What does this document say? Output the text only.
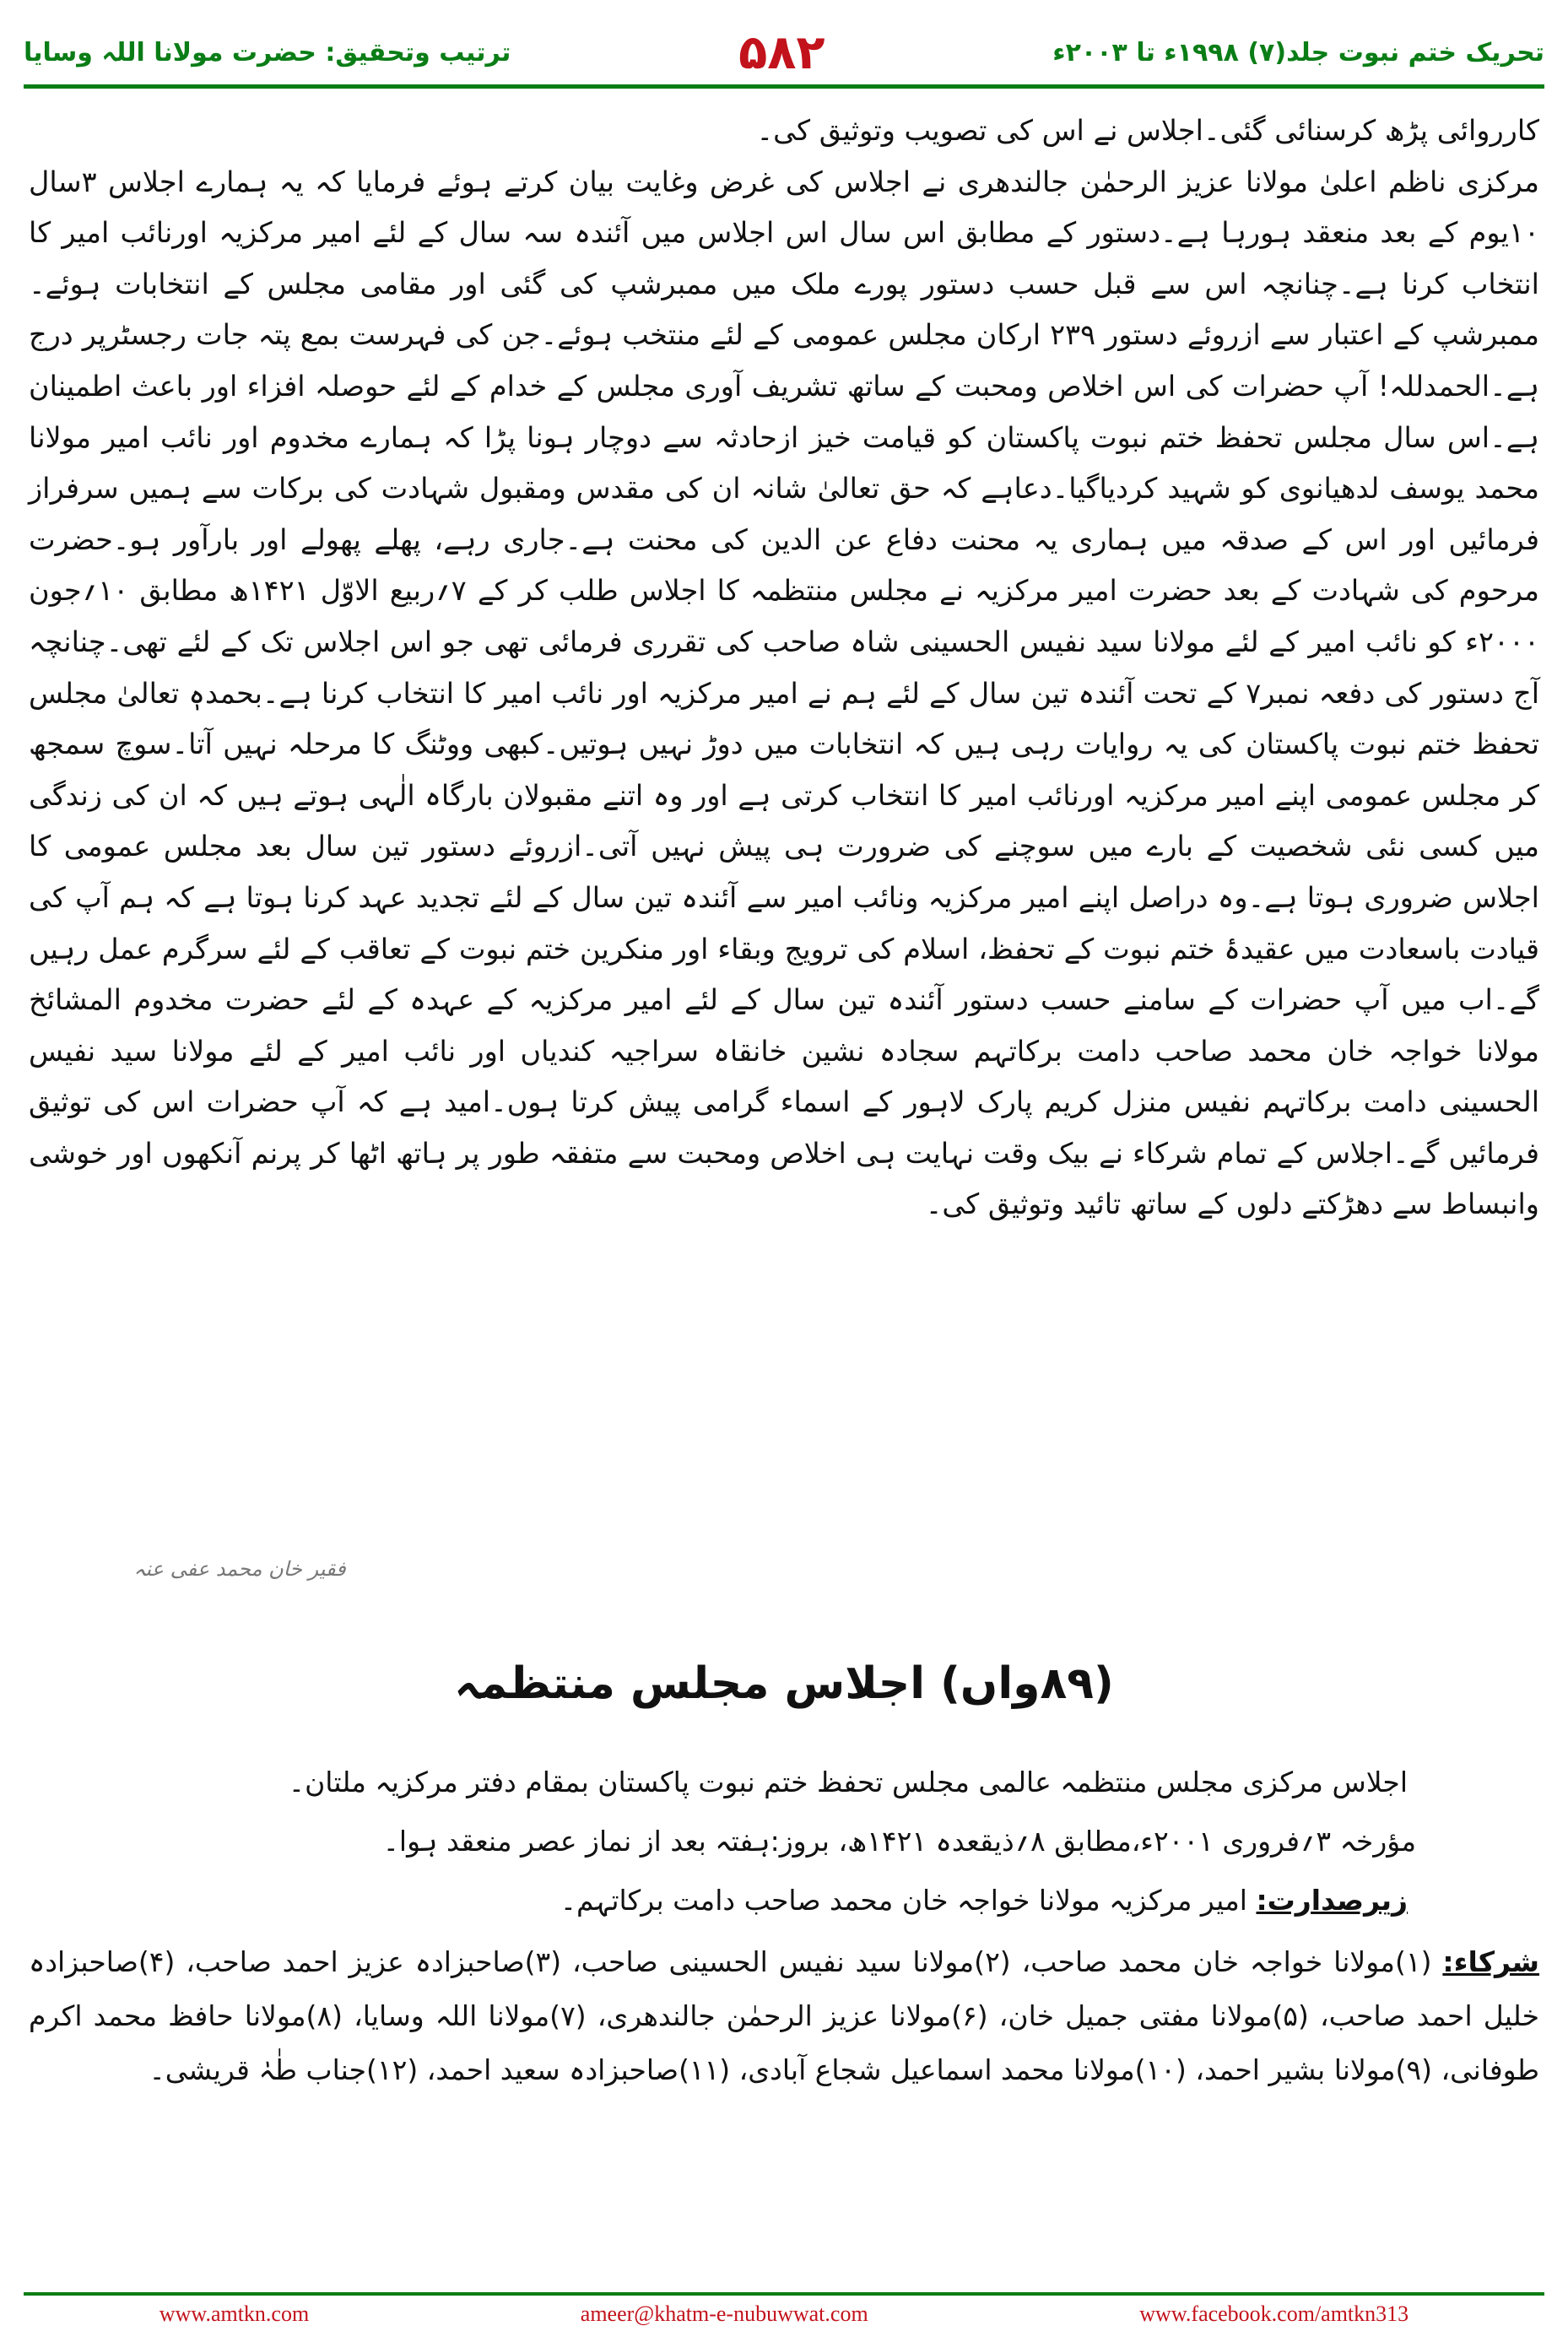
ترتیب وتحقیق: حضرت مولانا اللہ وسایا	۵۸۲	تحریک ختم نبوت جلد(۷) ۱۹۹۸ء تا ۲۰۰۳ء

کارروائی پڑھ کرسنائی گئی۔اجلاس نے اس کی تصویب وتوثیق کی۔

مرکزی ناظم اعلیٰ مولانا عزیز الرحمٰن جالندھری نے اجلاس کی غرض وغایت بیان کرتے ہوئے فرمایا کہ یہ ہمارے اجلاس ۳سال ۱۰یوم کے بعد منعقد ہورہا ہے۔دستور کے مطابق اس سال اس اجلاس میں آئندہ سہ سال کے لئے امیر مرکزیہ اورنائب امیر کا انتخاب کرنا ہے۔چنانچہ اس سے قبل حسب دستور پورے ملک میں ممبرشپ کی گئی اور مقامی مجلس کے انتخابات ہوئے۔ممبرشپ کے اعتبار سے ازروئے دستور ۲۳۹ ارکان مجلس عمومی کے لئے منتخب ہوئے۔جن کی فہرست بمع پتہ جات رجسٹرپر درج ہے۔الحمدللہ! آپ حضرات کی اس اخلاص ومحبت کے ساتھ تشریف آوری مجلس کے خدام کے لئے حوصلہ افزاء اور باعث اطمینان ہے۔اس سال مجلس تحفظ ختم نبوت پاکستان کو قیامت خیز ازحادثہ سے دوچار ہونا پڑا کہ ہمارے مخدوم اور نائب امیر مولانا محمد یوسف لدھیانوی کو شہید کردیاگیا۔دعاہے کہ حق تعالیٰ شانہ ان کی مقدس ومقبول شہادت کی برکات سے ہمیں سرفراز فرمائیں اور اس کے صدقہ میں ہماری یہ محنت دفاع عن الدین کی محنت ہے۔جاری رہے، پھلے پھولے اور بارآور ہو۔حضرت مرحوم کی شہادت کے بعد حضرت امیر مرکزیہ نے مجلس منتظمہ کا اجلاس طلب کر کے ۷؍ربیع الاوّل ۱۴۲۱ھ مطابق ۱۰؍جون ۲۰۰۰ء کو نائب امیر کے لئے مولانا سید نفیس الحسینی شاہ صاحب کی تقرری فرمائی تھی جو اس اجلاس تک کے لئے تھی۔چنانچہ آج دستور کی دفعہ نمبر۷ کے تحت آئندہ تین سال کے لئے ہم نے امیر مرکزیہ اور نائب امیر کا انتخاب کرنا ہے۔بحمدہٖ تعالیٰ مجلس تحفظ ختم نبوت پاکستان کی یہ روایات رہی ہیں کہ انتخابات میں دوڑ نہیں ہوتیں۔کبھی ووٹنگ کا مرحلہ نہیں آتا۔سوچ سمجھ کر مجلس عمومی اپنے امیر مرکزیہ اورنائب امیر کا انتخاب کرتی ہے اور وہ اتنے مقبولان بارگاہ الٰہی ہوتے ہیں کہ ان کی زندگی میں کسی نئی شخصیت کے بارے میں سوچنے کی ضرورت ہی پیش نہیں آتی۔ازروئے دستور تین سال بعد مجلس عمومی کا اجلاس ضروری ہوتا ہے۔وہ دراصل اپنے امیر مرکزیہ ونائب امیر سے آئندہ تین سال کے لئے تجدید عہد کرنا ہوتا ہے کہ ہم آپ کی قیادت باسعادت میں عقیدۂ ختم نبوت کے تحفظ، اسلام کی ترویج وبقاء اور منکرین ختم نبوت کے تعاقب کے لئے سرگرم عمل رہیں گے۔اب میں آپ حضرات کے سامنے حسب دستور آئندہ تین سال کے لئے امیر مرکزیہ کے عہدہ کے لئے حضرت مخدوم المشائخ مولانا خواجہ خان محمد صاحب دامت برکاتہم سجادہ نشین خانقاہ سراجیہ کندیاں اور نائب امیر کے لئے مولانا سید نفیس الحسینی دامت برکاتہم نفیس منزل کریم پارک لاہور کے اسماء گرامی پیش کرتا ہوں۔امید ہے کہ آپ حضرات اس کی توثیق فرمائیں گے۔اجلاس کے تمام شرکاء نے بیک وقت نہایت ہی اخلاص ومحبت سے متفقہ طور پر ہاتھ اٹھا کر پرنم آنکھوں اور خوشی وانبساط سے دھڑکتے دلوں کے ساتھ تائید وتوثیق کی۔

فقیر خان محمد عفی عنہ
(۸۹واں) اجلاس مجلس منتظمہ
اجلاس مرکزی مجلس منتظمہ عالمی مجلس تحفظ ختم نبوت پاکستان بمقام دفتر مرکزیہ ملتان۔
مؤرخہ ۳؍فروری ۲۰۰۱ء،مطابق ۸؍ذیقعدہ ۱۴۲۱ھ، بروز:ہفتہ بعد از نماز عصر منعقد ہوا۔
زیرصدارت: امیر مرکزیہ مولانا خواجہ خان محمد صاحب دامت برکاتہم۔
شرکاء: (۱)مولانا خواجہ خان محمد صاحب، (۲)مولانا سید نفیس الحسینی صاحب، (۳)صاحبزادہ عزیز احمد صاحب، (۴)صاحبزادہ خلیل احمد صاحب، (۵)مولانا مفتی جمیل خان، (۶)مولانا عزیز الرحمٰن جالندھری، (۷)مولانا اللہ وسایا، (۸)مولانا حافظ محمد اکرم طوفانی، (۹)مولانا بشیر احمد، (۱۰)مولانا محمد اسماعیل شجاع آبادی، (۱۱)صاحبزادہ سعید احمد، (۱۲)جناب طٰہٰ قریشی۔
www.amtkn.com	ameer@khatm-e-nubuwwat.com	www.facebook.com/amtkn313
